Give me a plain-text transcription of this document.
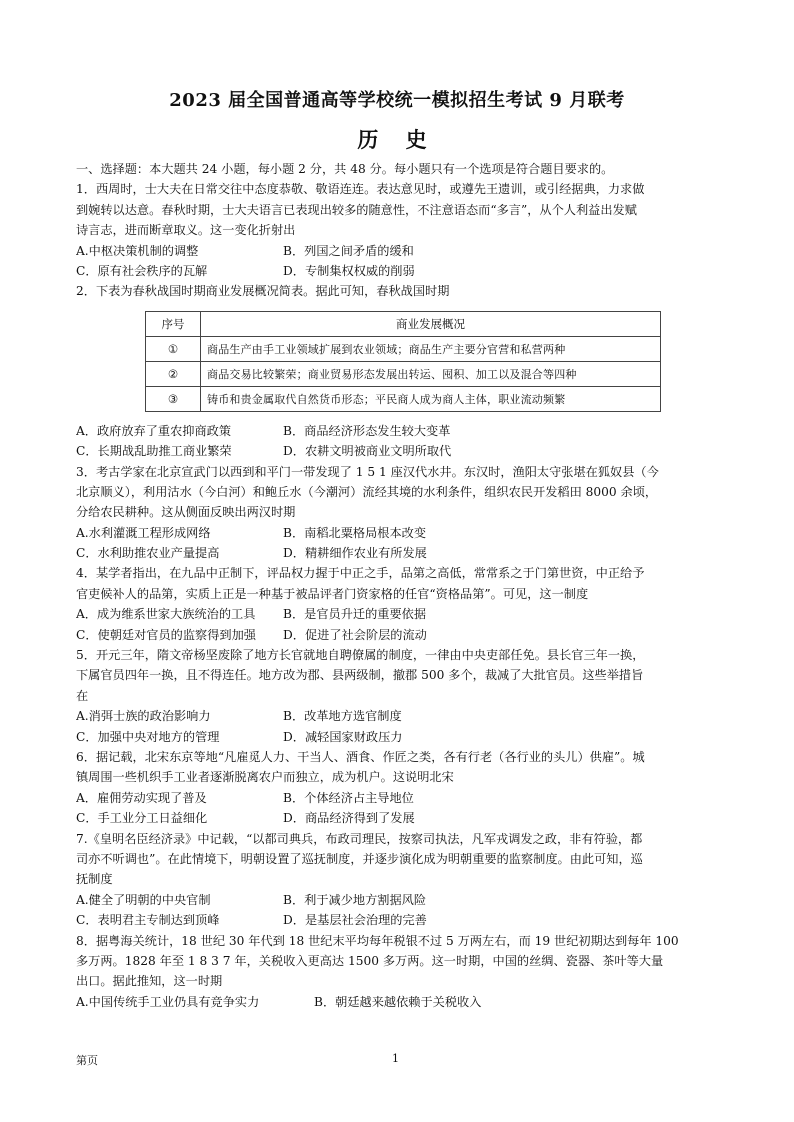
2023 届全国普通高等学校统一模拟招生考试 9 月联考
历 史
一、选择题：本大题共 24 小题，每小题 2 分，共 48 分。每小题只有一个选项是符合题目要求的。
1．西周时，士大夫在日常交往中态度恭敬、敬语连连。表达意见时，或遵先王遗训，或引经据典，力求做
到婉转以达意。春秋时期，士大夫语言已表现出较多的随意性，不注意语态而“多言”，从个人利益出发赋
诗言志，进而断章取义。这一变化折射出
A.中枢决策机制的调整	B．列国之间矛盾的缓和
C．原有社会秩序的瓦解	D．专制集权权威的削弱
2．下表为春秋战国时期商业发展概况简表。据此可知，春秋战国时期
序号	商业发展概况
①	商品生产由手工业领域扩展到农业领域；商品生产主要分官营和私营两种
②	商品交易比较繁荣；商业贸易形态发展出转运、囤积、加工以及混合等四种
③	铸币和贵金属取代自然货币形态；平民商人成为商人主体，职业流动频繁
A．政府放弃了重农抑商政策	B．商品经济形态发生较大变革
C．长期战乱助推工商业繁荣	D．农耕文明被商业文明所取代
3．考古学家在北京宣武门以西到和平门一带发现了 1 5 1 座汉代水井。东汉时，渔阳太守张堪在狐奴县（今
北京顺义），利用沽水（今白河）和鲍丘水（今潮河）流经其境的水利条件，组织农民开发稻田 8000 余顷，
分给农民耕种。这从侧面反映出两汉时期
A.水利灌溉工程形成网络	B．南稻北粟格局根本改变
C．水利助推农业产量提高	D．精耕细作农业有所发展
4．某学者指出，在九品中正制下，评品权力握于中正之手，品第之高低，常常系之于门第世资，中正给予
官吏候补人的品第，实质上正是一种基于被品评者门资家格的任官“资格品第”。可见，这一制度
A．成为维系世家大族统治的工具 B．是官员升迁的重要依据
C．使朝廷对官员的监察得到加强 D．促进了社会阶层的流动
5．开元三年，隋文帝杨坚废除了地方长官就地自聘僚属的制度，一律由中央吏部任免。县长官三年一换，
下属官员四年一换，且不得连任。地方改为郡、县两级制，撤郡 500 多个，裁减了大批官员。这些举措旨
在
A.消弭士族的政治影响力	B．改革地方选官制度
C．加强中央对地方的管理	D．减轻国家财政压力
6．据记载，北宋东京等地“凡雇觅人力、干当人、酒食、作匠之类，各有行老（各行业的头儿）供雇”。城
镇周围一些机织手工业者逐渐脱离农户而独立，成为机户。这说明北宋
A．雇佣劳动实现了普及	B．个体经济占主导地位
C．手工业分工日益细化	D．商品经济得到了发展
7.《皇明名臣经济录》中记载，“以都司典兵，布政司理民，按察司执法，凡军戎调发之政，非有符验，都
司亦不听调也”。在此情境下，明朝设置了巡抚制度，并逐步演化成为明朝重要的监察制度。由此可知，巡
抚制度
A.健全了明朝的中央官制	B．利于减少地方割据风险
C．表明君主专制达到顶峰	D．是基层社会治理的完善
8．据粤海关统计，18 世纪 30 年代到 18 世纪末平均每年税银不过 5 万两左右，而 19 世纪初期达到每年 100
多万两。1828 年至 1 8 3 7 年，关税收入更高达 1500 多万两。这一时期，中国的丝绸、瓷器、茶叶等大量
出口。据此推知，这一时期
A.中国传统手工业仍具有竞争实力	B．朝廷越来越依赖于关税收入
第页	1
